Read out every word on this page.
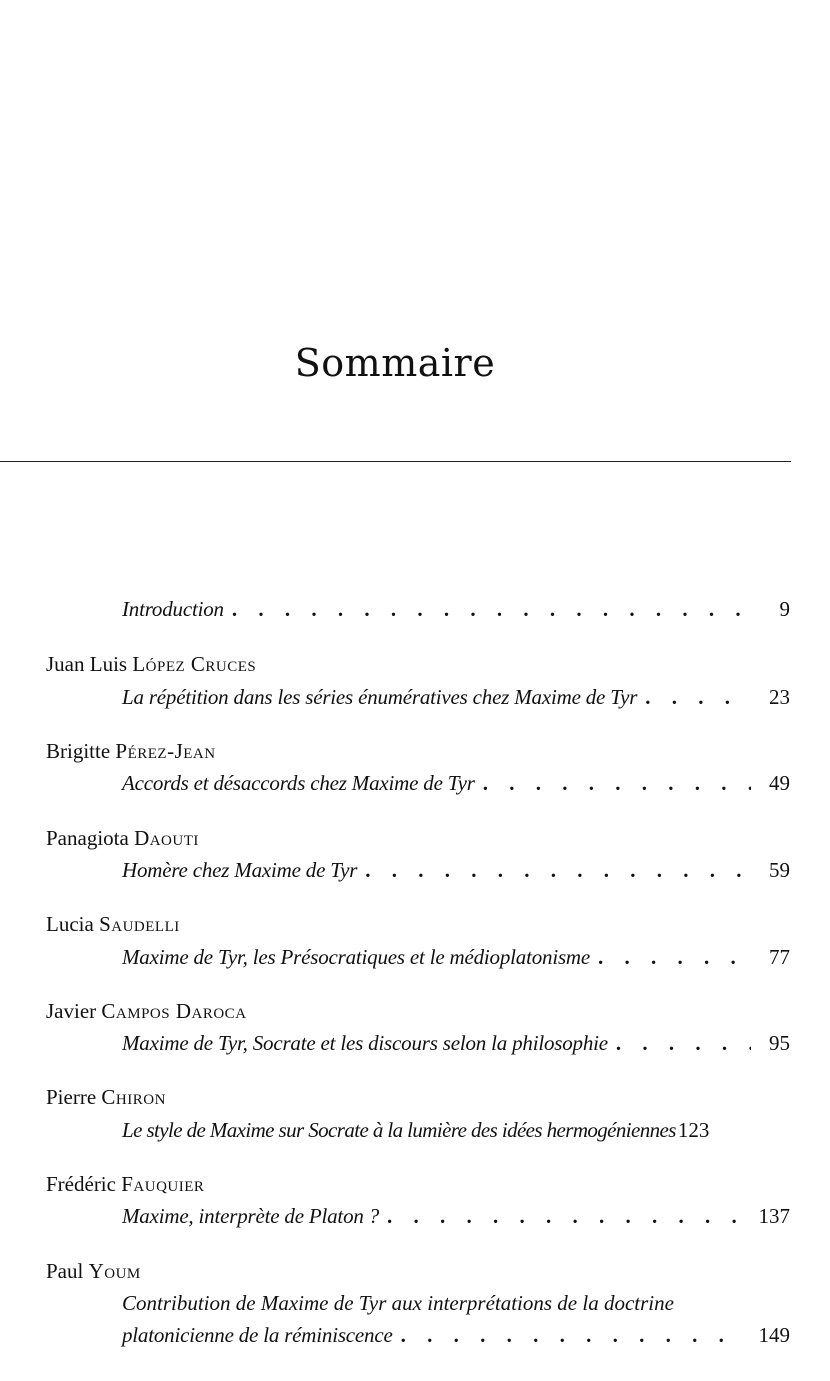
Sommaire
Introduction . . .	9
Juan Luis López Cruces
La répétition dans les séries énumératives chez Maxime de Tyr . . .	23
Brigitte Pérez-Jean
Accords et désaccords chez Maxime de Tyr . . .	49
Panagiota Daouti
Homère chez Maxime de Tyr . . .	59
Lucia Saudelli
Maxime de Tyr, les Présocratiques et le médioplatonisme . . .	77
Javier Campos Daroca
Maxime de Tyr, Socrate et les discours selon la philosophie . . .	95
Pierre Chiron
Le style de Maxime sur Socrate à la lumière des idées hermogéniennes 123
Frédéric Fauquier
Maxime, interprète de Platon ? . . .	137
Paul Youm
Contribution de Maxime de Tyr aux interprétations de la doctrine
platonicienne de la réminiscence . . .	149
